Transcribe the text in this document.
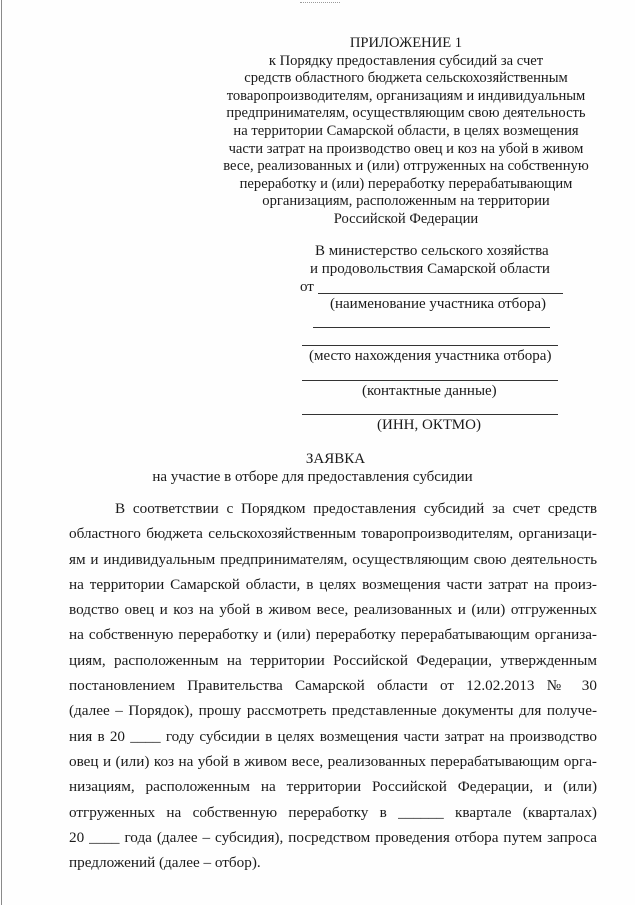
ПРИЛОЖЕНИЕ 1
к Порядку предоставления субсидий за счет
средств областного бюджета сельскохозяйственным
товаропроизводителям, организациям и индивидуальным
предпринимателям, осуществляющим свою деятельность
на территории Самарской области, в целях возмещения
части затрат на производство овец и коз на убой в живом
весе, реализованных и (или) отгруженных на собственную
переработку и (или) переработку перерабатывающим
организациям, расположенным на территории
Российской Федерации
В министерство сельского хозяйства
и продовольствия Самарской области
от
(наименование участника отбора)
(место нахождения участника отбора)
(контактные данные)
(ИНН, ОКТМО)
ЗАЯВКА
на участие в отборе для предоставления субсидии
В соответствии с Порядком предоставления субсидий за счет средств
областного бюджета сельскохозяйственным товаропроизводителям, организаци-
ям и индивидуальным предпринимателям, осуществляющим свою деятельность
на территории Самарской области, в целях возмещения части затрат на произ-
водство овец и коз на убой в живом весе, реализованных и (или) отгруженных
на собственную переработку и (или) переработку перерабатывающим организа-
циям, расположенным на территории Российской Федерации, утвержденным
постановлением Правительства Самарской области от 12.02.2013 № 30
(далее – Порядок), прошу рассмотреть представленные документы для получе-
ния в 20 ____ году субсидии в целях возмещения части затрат на производство
овец и (или) коз на убой в живом весе, реализованных перерабатывающим орга-
низациям, расположенным на территории Российской Федерации, и (или)
отгруженных на собственную переработку в ______ квартале (кварталах)
20 ____ года (далее – субсидия), посредством проведения отбора путем запроса
предложений (далее – отбор).
